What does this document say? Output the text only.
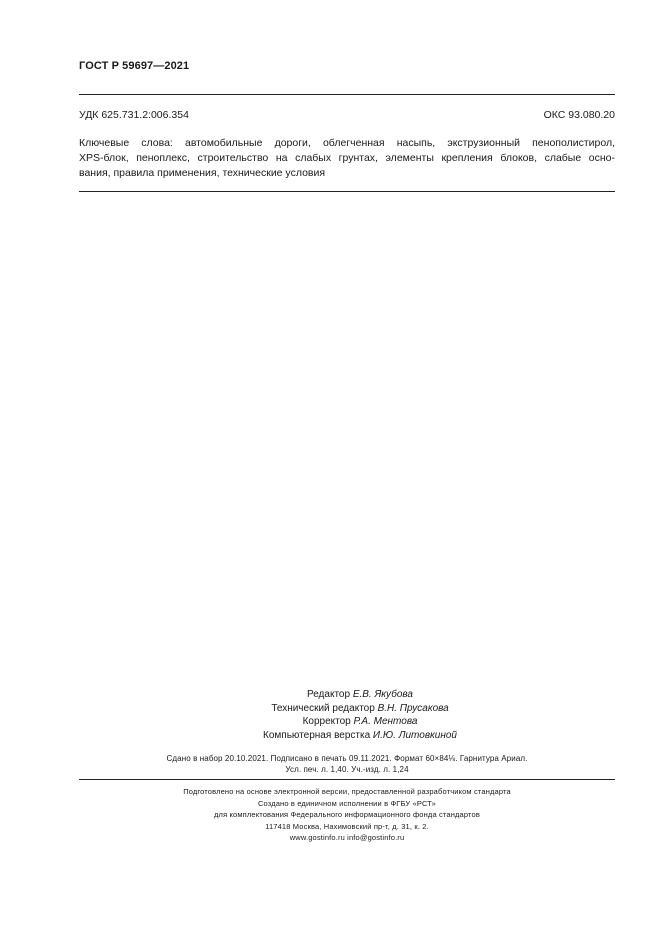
ГОСТ Р 59697—2021
УДК 625.731.2:006.354	ОКС 93.080.20
Ключевые слова: автомобильные дороги, облегченная насыпь, экструзионный пенополистирол,
XPS-блок, пеноплекс, строительство на слабых грунтах, элементы крепления блоков, слабые осно-
вания, правила применения, технические условия
Редактор Е.В. Якубова
Технический редактор В.Н. Прусакова
Корректор Р.А. Ментова
Компьютерная верстка И.Ю. Литовкиной
Сдано в набор 20.10.2021. Подписано в печать 09.11.2021. Формат 60×84⅛. Гарнитура Ариал.
Усл. печ. л. 1,40. Уч.-изд. л. 1,24
Подготовлено на основе электронной версии, предоставленной разработчиком стандарта
Создано в единичном исполнении в ФГБУ «РСТ»
для комплектования Федерального информационного фонда стандартов
117418 Москва, Нахимовский пр-т, д. 31, к. 2.
www.gostinfo.ru info@gostinfo.ru
